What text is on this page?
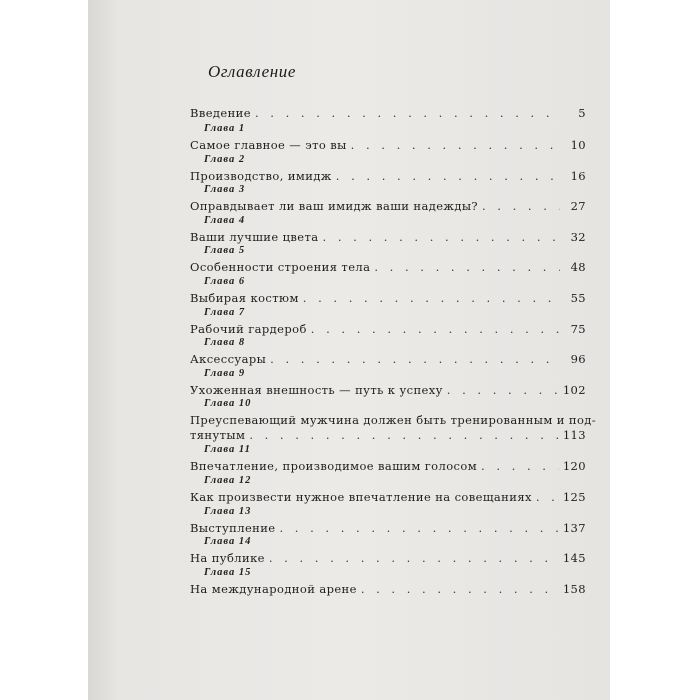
Оглавление
Введение . . .	5
Глава 1
Самое главное — это вы . . .	10
Глава 2
Производство, имидж . . .	16
Глава 3
Оправдывает ли ваш имидж ваши надежды? . . .	27
Глава 4
Ваши лучшие цвета . . .	32
Глава 5
Особенности строения тела . . .	48
Глава 6
Выбирая костюм . . .	55
Глава 7
Рабочий гардероб . . .	75
Глава 8
Аксессуары . . .	96
Глава 9
Ухоженная внешность — путь к успеху . . .	102
Глава 10
Преуспевающий мужчина должен быть тренированным и под-
тянутым . . .	113
Глава 11
Впечатление, производимое вашим голосом . . .	120
Глава 12
Как произвести нужное впечатление на совещаниях . . .	125
Глава 13
Выступление . . .	137
Глава 14
На публике . . .	145
Глава 15
На международной арене . . .	158
